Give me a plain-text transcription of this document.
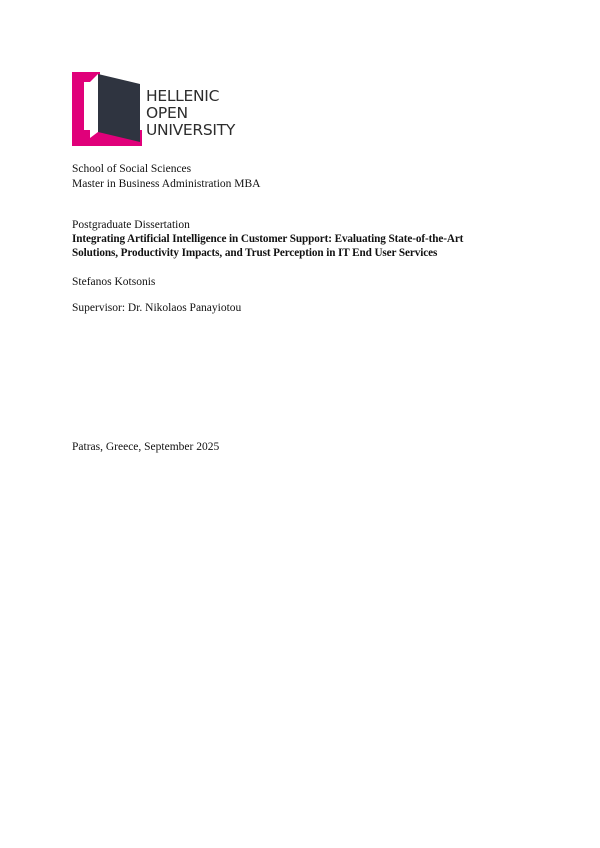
HELLENIC
OPEN
UNIVERSITY
School of Social Sciences
Master in Business Administration MBA
Postgraduate Dissertation
Integrating Artificial Intelligence in Customer Support: Evaluating State-of-the-Art
Solutions, Productivity Impacts, and Trust Perception in IT End User Services
Stefanos Kotsonis
Supervisor: Dr. Nikolaos Panayiotou
Patras, Greece, September 2025
